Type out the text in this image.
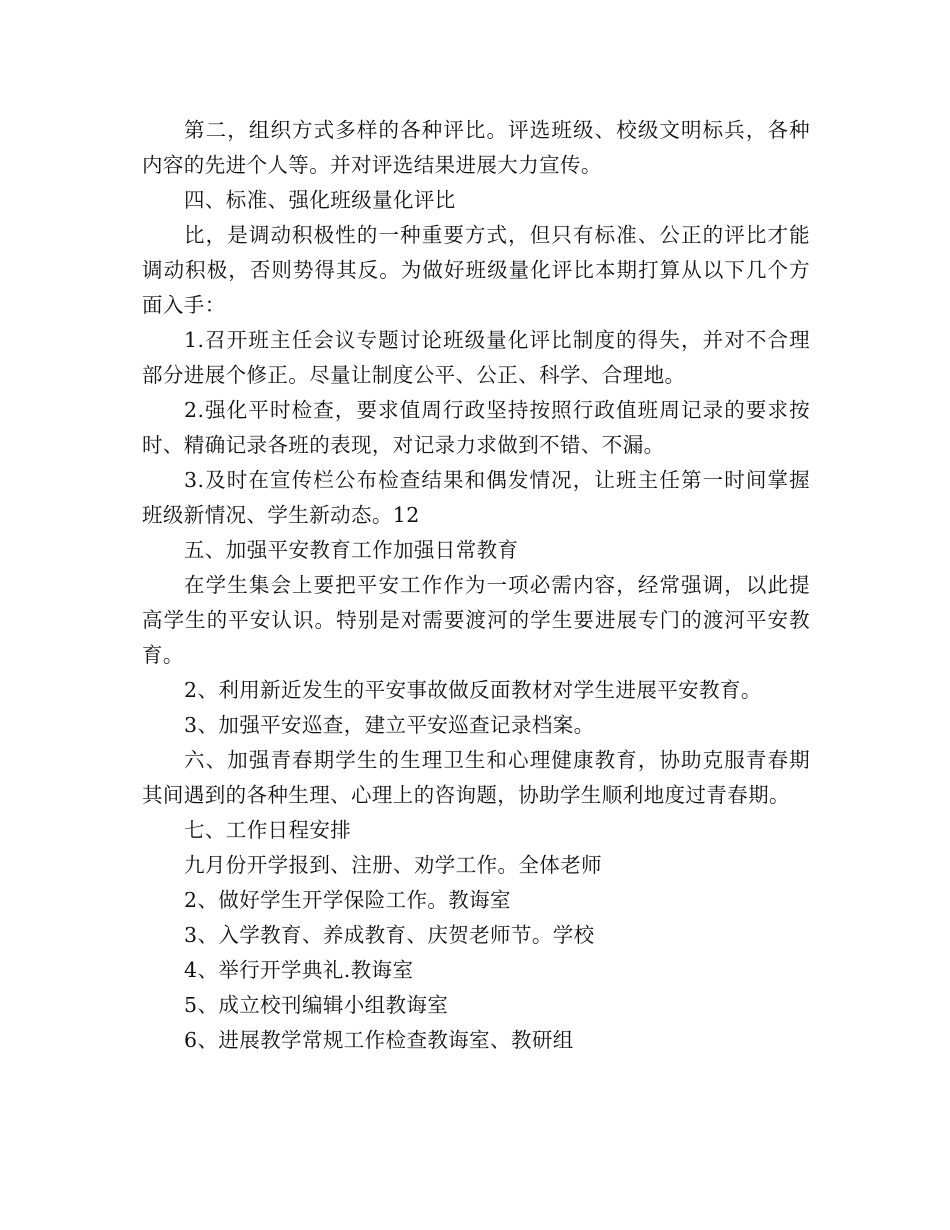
第二，组织方式多样的各种评比。评选班级、校级文明标兵，各种内容的先进个人等。并对评选结果进展大力宣传。

四、标准、强化班级量化评比

比，是调动积极性的一种重要方式，但只有标准、公正的评比才能调动积极，否则势得其反。为做好班级量化评比本期打算从以下几个方面入手：

1.召开班主任会议专题讨论班级量化评比制度的得失，并对不合理部分进展个修正。尽量让制度公平、公正、科学、合理地。

2.强化平时检查，要求值周行政坚持按照行政值班周记录的要求按时、精确记录各班的表现，对记录力求做到不错、不漏。

3.及时在宣传栏公布检查结果和偶发情况，让班主任第一时间掌握班级新情况、学生新动态。12

五、加强平安教育工作加强日常教育

在学生集会上要把平安工作作为一项必需内容，经常强调，以此提高学生的平安认识。特别是对需要渡河的学生要进展专门的渡河平安教育。

2、利用新近发生的平安事故做反面教材对学生进展平安教育。

3、加强平安巡查，建立平安巡查记录档案。

六、加强青春期学生的生理卫生和心理健康教育，协助克服青春期其间遇到的各种生理、心理上的咨询题，协助学生顺利地度过青春期。

七、工作日程安排

九月份开学报到、注册、劝学工作。全体老师

2、做好学生开学保险工作。教诲室

3、入学教育、养成教育、庆贺老师节。学校

4、举行开学典礼.教诲室

5、成立校刊编辑小组教诲室

6、进展教学常规工作检查教诲室、教研组
